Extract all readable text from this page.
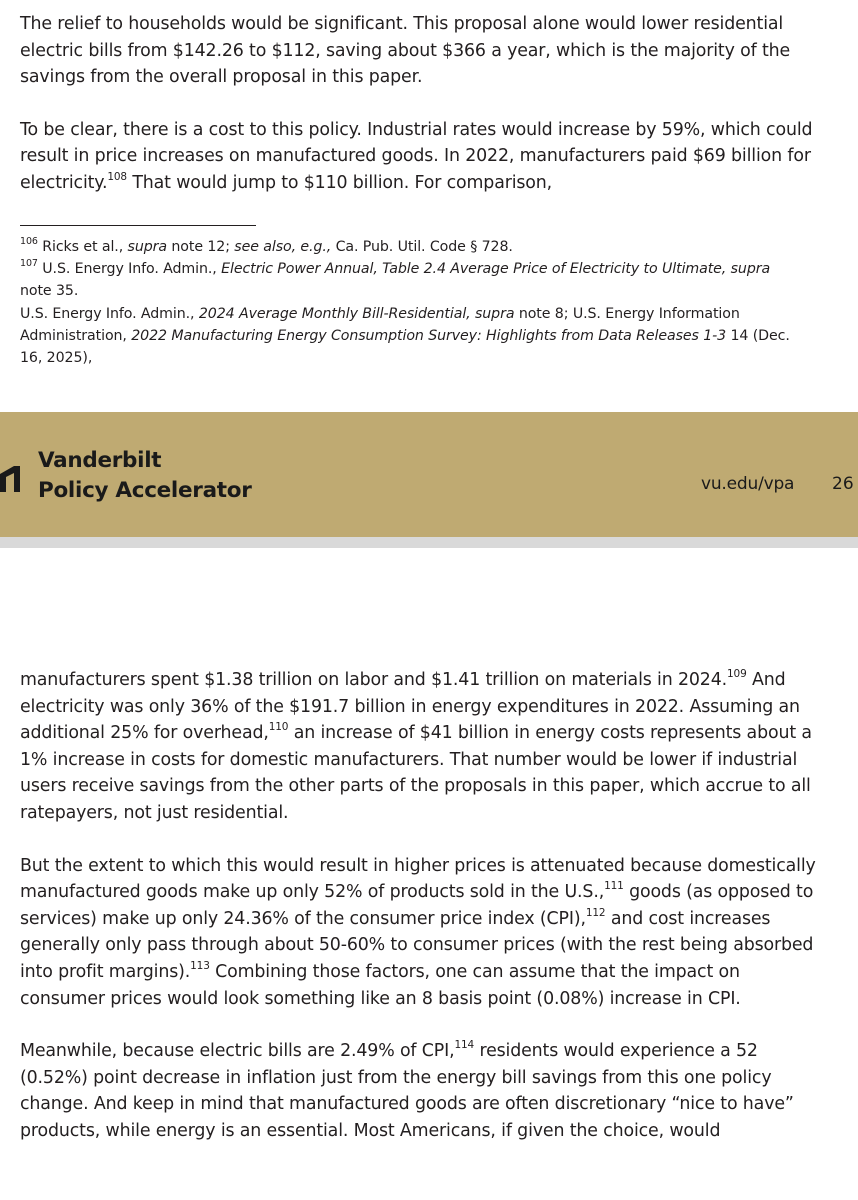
The relief to households would be significant. This proposal alone would lower residential electric bills from $142.26 to $112, saving about $366 a year, which is the majority of the savings from the overall proposal in this paper.

To be clear, there is a cost to this policy. Industrial rates would increase by 59%, which could result in price increases on manufactured goods. In 2022, manufacturers paid $69 billion for electricity.$^{108}$ That would jump to $110 billion. For comparison,

$^{106}$ Ricks et al., supra note 12; see also, e.g., Ca. Pub. Util. Code § 728.

$^{107}$ U.S. Energy Info. Admin., Electric Power Annual, Table 2.4 Average Price of Electricity to Ultimate, supra note 35.

U.S. Energy Info. Admin., 2024 Average Monthly Bill-Residential, supra note 8; U.S. Energy Information Administration, 2022 Manufacturing Energy Consumption Survey: Highlights from Data Releases 1-3 14 (Dec. 16, 2025),

Vanderbilt
Policy Accelerator	vu.edu/vpa 26

manufacturers spent $1.38 trillion on labor and $1.41 trillion on materials in 2024.$^{109}$ And electricity was only 36% of the $191.7 billion in energy expenditures in 2022. Assuming an additional 25% for overhead,$^{110}$ an increase of $41 billion in energy costs represents about a 1% increase in costs for domestic manufacturers. That number would be lower if industrial users receive savings from the other parts of the proposals in this paper, which accrue to all ratepayers, not just residential.

But the extent to which this would result in higher prices is attenuated because domestically manufactured goods make up only 52% of products sold in the U.S.,$^{111}$ goods (as opposed to services) make up only 24.36% of the consumer price index (CPI),$^{112}$ and cost increases generally only pass through about 50-60% to consumer prices (with the rest being absorbed into profit margins).$^{113}$ Combining those factors, one can assume that the impact on consumer prices would look something like an 8 basis point (0.08%) increase in CPI.

Meanwhile, because electric bills are 2.49% of CPI,$^{114}$ residents would experience a 52 (0.52%) point decrease in inflation just from the energy bill savings from this one policy change. And keep in mind that manufactured goods are often discretionary “nice to have” products, while energy is an essential. Most Americans, if given the choice, would
